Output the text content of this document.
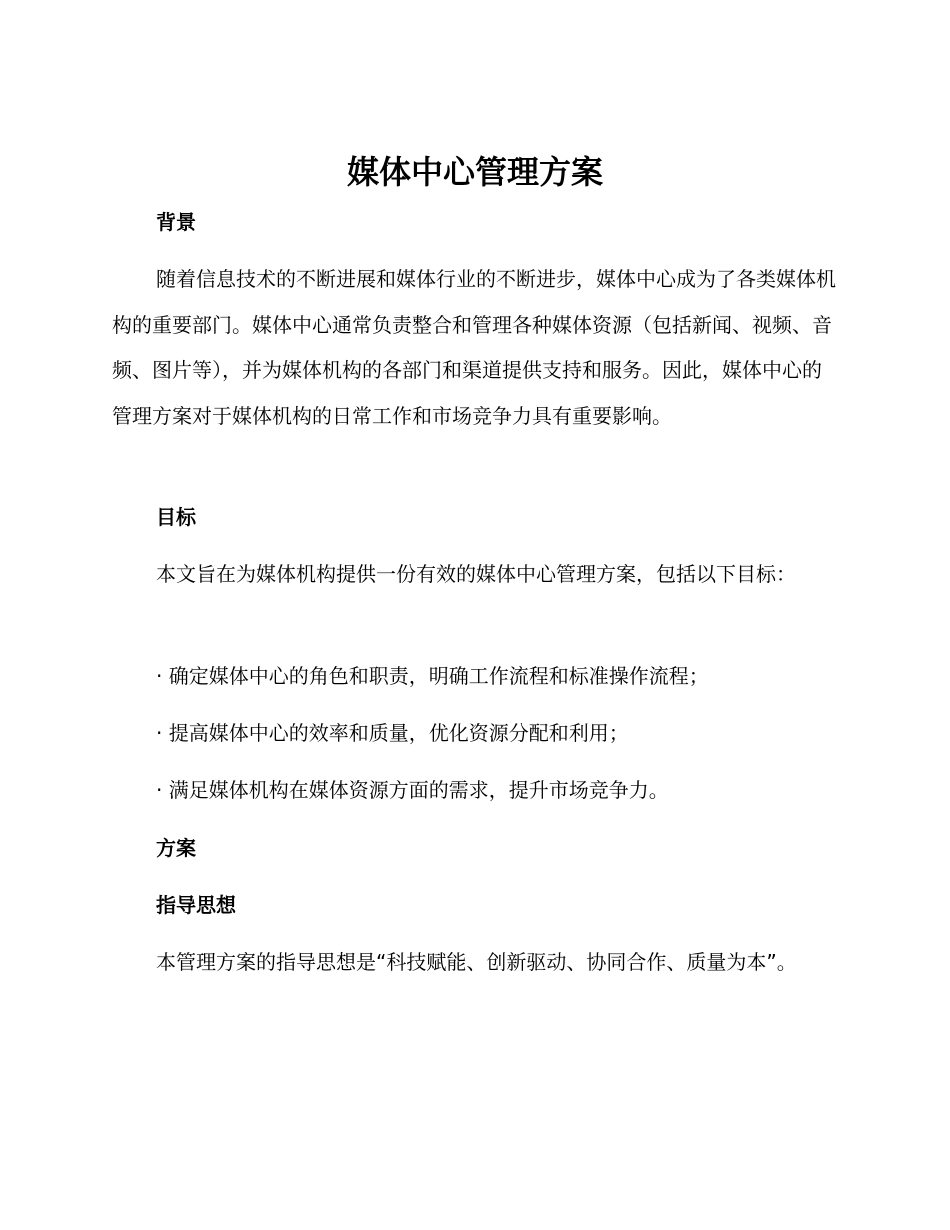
媒体中心管理方案
背景

随着信息技术的不断进展和媒体行业的不断进步，媒体中心成为了各类媒体机构的重要部门。媒体中心通常负责整合和管理各种媒体资源（包括新闻、视频、音频、图片等），并为媒体机构的各部门和渠道提供支持和服务。因此，媒体中心的管理方案对于媒体机构的日常工作和市场竞争力具有重要影响。

目标

本文旨在为媒体机构提供一份有效的媒体中心管理方案，包括以下目标：

· 确定媒体中心的角色和职责，明确工作流程和标准操作流程；

· 提高媒体中心的效率和质量，优化资源分配和利用；

· 满足媒体机构在媒体资源方面的需求，提升市场竞争力。

方案
指导思想

本管理方案的指导思想是“科技赋能、创新驱动、协同合作、质量为本”。
